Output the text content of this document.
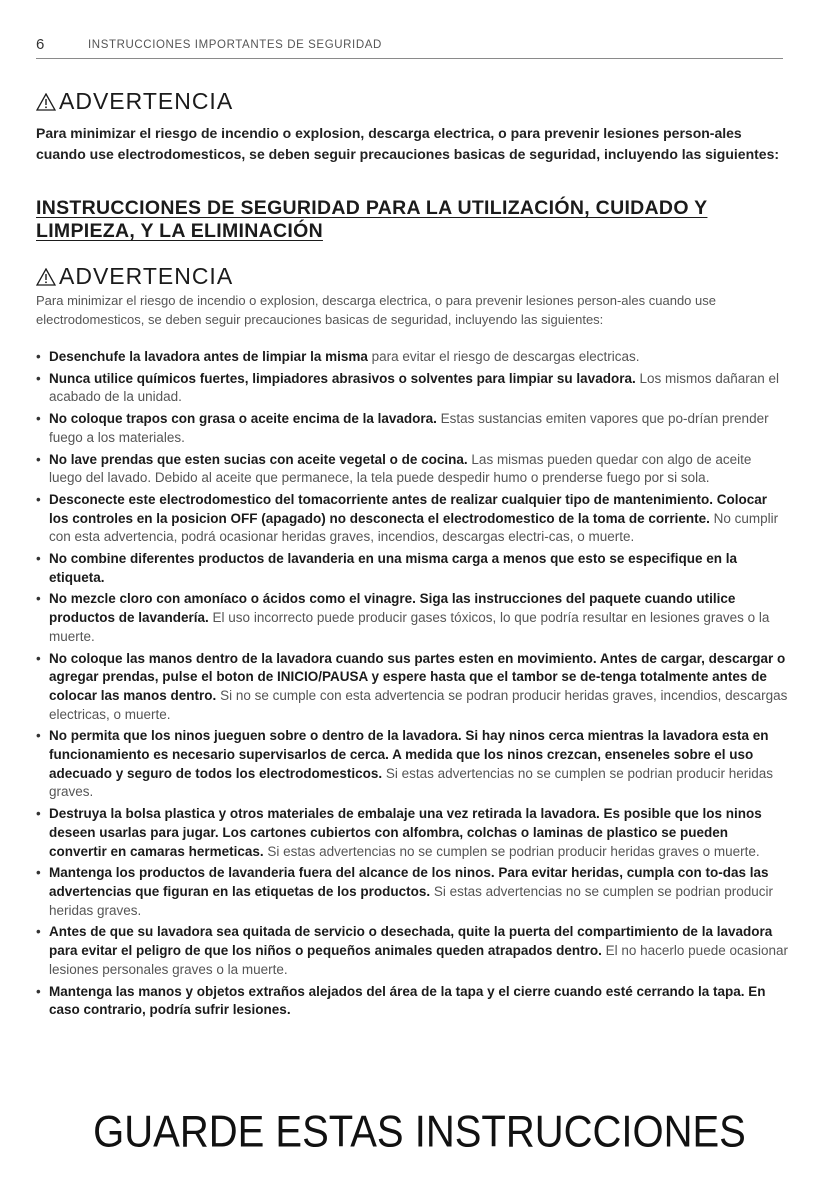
6	INSTRUCCIONES IMPORTANTES DE SEGURIDAD
ADVERTENCIA
Para minimizar el riesgo de incendio o explosion, descarga electrica, o para prevenir lesiones person-ales cuando use electrodomesticos, se deben seguir precauciones basicas de seguridad, incluyendo las siguientes:
INSTRUCCIONES DE SEGURIDAD PARA LA UTILIZACIÓN, CUIDADO Y LIMPIEZA, Y LA ELIMINACIÓN
ADVERTENCIA
Para minimizar el riesgo de incendio o explosion, descarga electrica, o para prevenir lesiones person-ales cuando use electrodomesticos, se deben seguir precauciones basicas de seguridad, incluyendo las siguientes:
• Desenchufe la lavadora antes de limpiar la misma para evitar el riesgo de descargas electricas.
• Nunca utilice químicos fuertes, limpiadores abrasivos o solventes para limpiar su lavadora. Los mismos dañaran el acabado de la unidad.
• No coloque trapos con grasa o aceite encima de la lavadora. Estas sustancias emiten vapores que po-drían prender fuego a los materiales.
• No lave prendas que esten sucias con aceite vegetal o de cocina. Las mismas pueden quedar con algo de aceite luego del lavado. Debido al aceite que permanece, la tela puede despedir humo o prenderse fuego por si sola.
• Desconecte este electrodomestico del tomacorriente antes de realizar cualquier tipo de mantenimiento. Colocar los controles en la posicion OFF (apagado) no desconecta el electrodomestico de la toma de corriente. No cumplir con esta advertencia, podrá ocasionar heridas graves, incendios, descargas electri-cas, o muerte.
• No combine diferentes productos de lavanderia en una misma carga a menos que esto se especifique en la etiqueta.
• No mezcle cloro con amoníaco o ácidos como el vinagre. Siga las instrucciones del paquete cuando utilice productos de lavandería. El uso incorrecto puede producir gases tóxicos, lo que podría resultar en lesiones graves o la muerte.
• No coloque las manos dentro de la lavadora cuando sus partes esten en movimiento. Antes de cargar, descargar o agregar prendas, pulse el boton de INICIO/PAUSA y espere hasta que el tambor se de-tenga totalmente antes de colocar las manos dentro. Si no se cumple con esta advertencia se podran producir heridas graves, incendios, descargas electricas, o muerte.
• No permita que los ninos jueguen sobre o dentro de la lavadora. Si hay ninos cerca mientras la lavadora esta en funcionamiento es necesario supervisarlos de cerca. A medida que los ninos crezcan, enseneles sobre el uso adecuado y seguro de todos los electrodomesticos. Si estas advertencias no se cumplen se podrian producir heridas graves.
• Destruya la bolsa plastica y otros materiales de embalaje una vez retirada la lavadora. Es posible que los ninos deseen usarlas para jugar. Los cartones cubiertos con alfombra, colchas o laminas de plastico se pueden convertir en camaras hermeticas. Si estas advertencias no se cumplen se podrian producir heridas graves o muerte.
• Mantenga los productos de lavanderia fuera del alcance de los ninos. Para evitar heridas, cumpla con to-das las advertencias que figuran en las etiquetas de los productos. Si estas advertencias no se cumplen se podrian producir heridas graves.
• Antes de que su lavadora sea quitada de servicio o desechada, quite la puerta del compartimiento de la lavadora para evitar el peligro de que los niños o pequeños animales queden atrapados dentro. El no hacerlo puede ocasionar lesiones personales graves o la muerte.
• Mantenga las manos y objetos extraños alejados del área de la tapa y el cierre cuando esté cerrando la tapa. En caso contrario, podría sufrir lesiones.
GUARDE ESTAS INSTRUCCIONES
